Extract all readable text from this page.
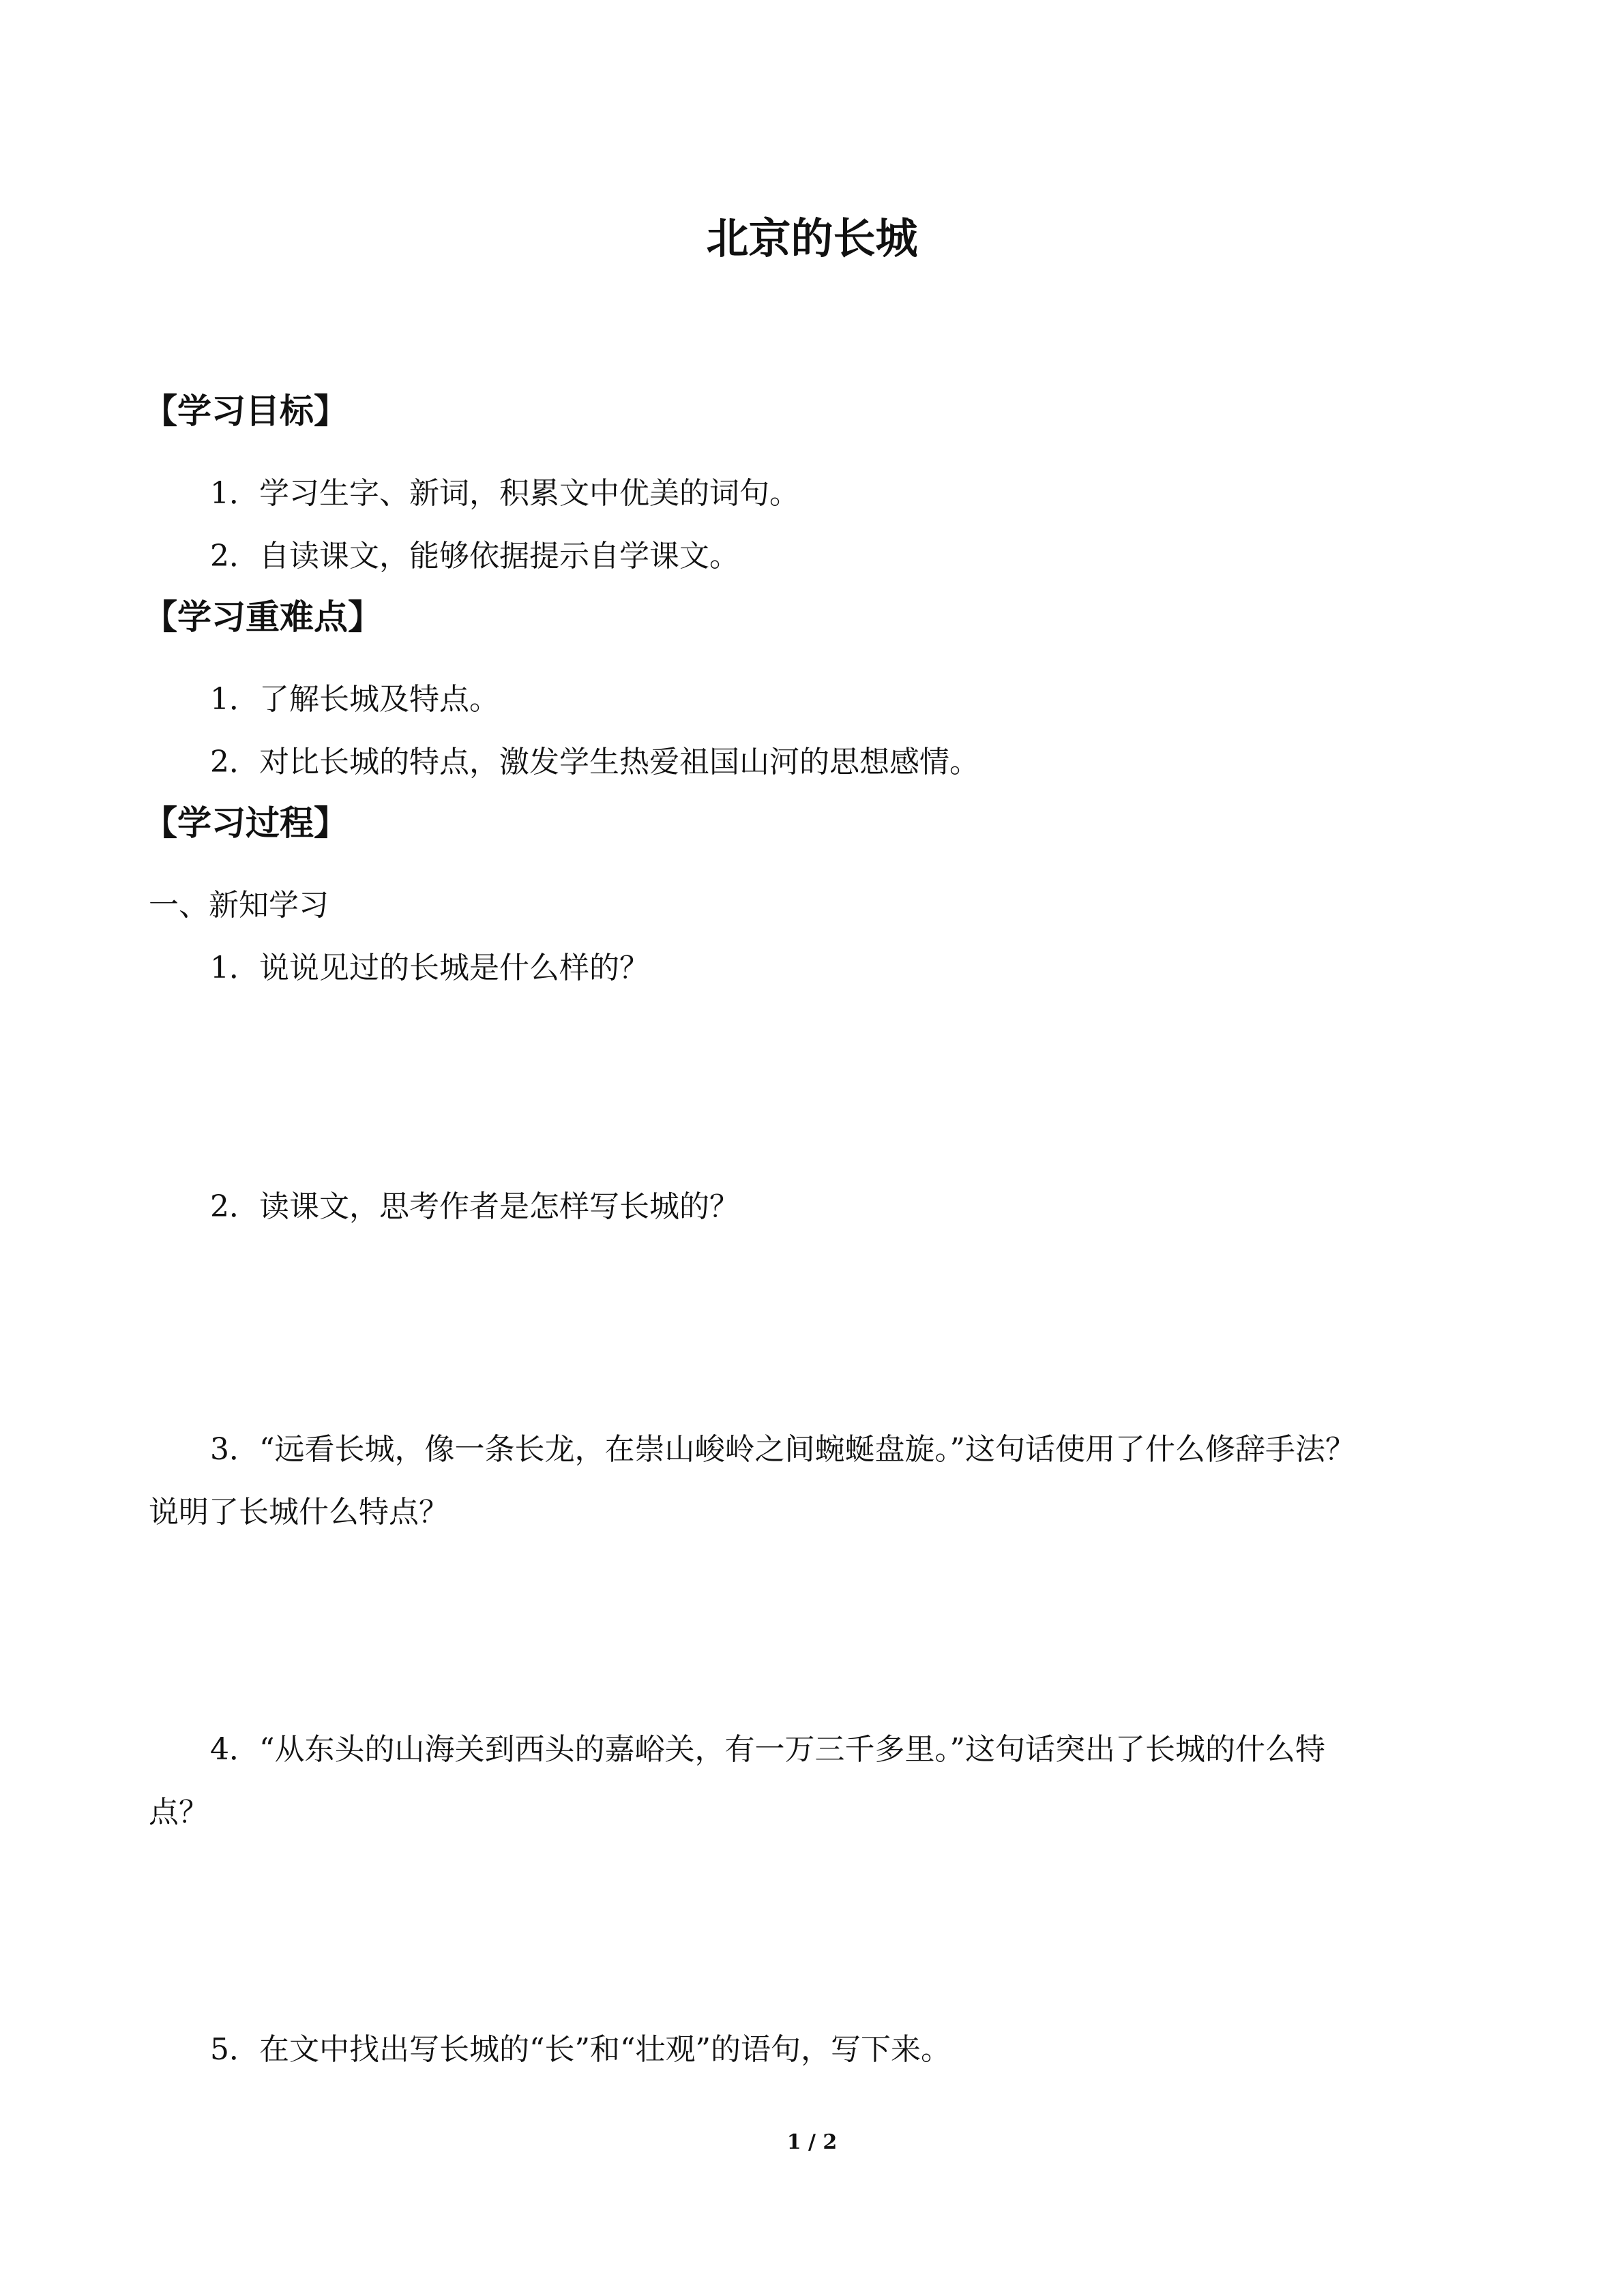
北京的长城
【学习目标】
1．学习生字、新词，积累文中优美的词句。
2．自读课文，能够依据提示自学课文。
【学习重难点】
1．了解长城及特点。
2．对比长城的特点，激发学生热爱祖国山河的思想感情。
【学习过程】
一、新知学习
1．说说见过的长城是什么样的？
2．读课文，思考作者是怎样写长城的？
3．“远看长城，像一条长龙，在崇山峻岭之间蜿蜒盘旋。”这句话使用了什么修辞手法？
说明了长城什么特点？
4．“从东头的山海关到西头的嘉峪关，有一万三千多里。”这句话突出了长城的什么特
点？
5．在文中找出写长城的“长”和“壮观”的语句，写下来。
1 / 2
